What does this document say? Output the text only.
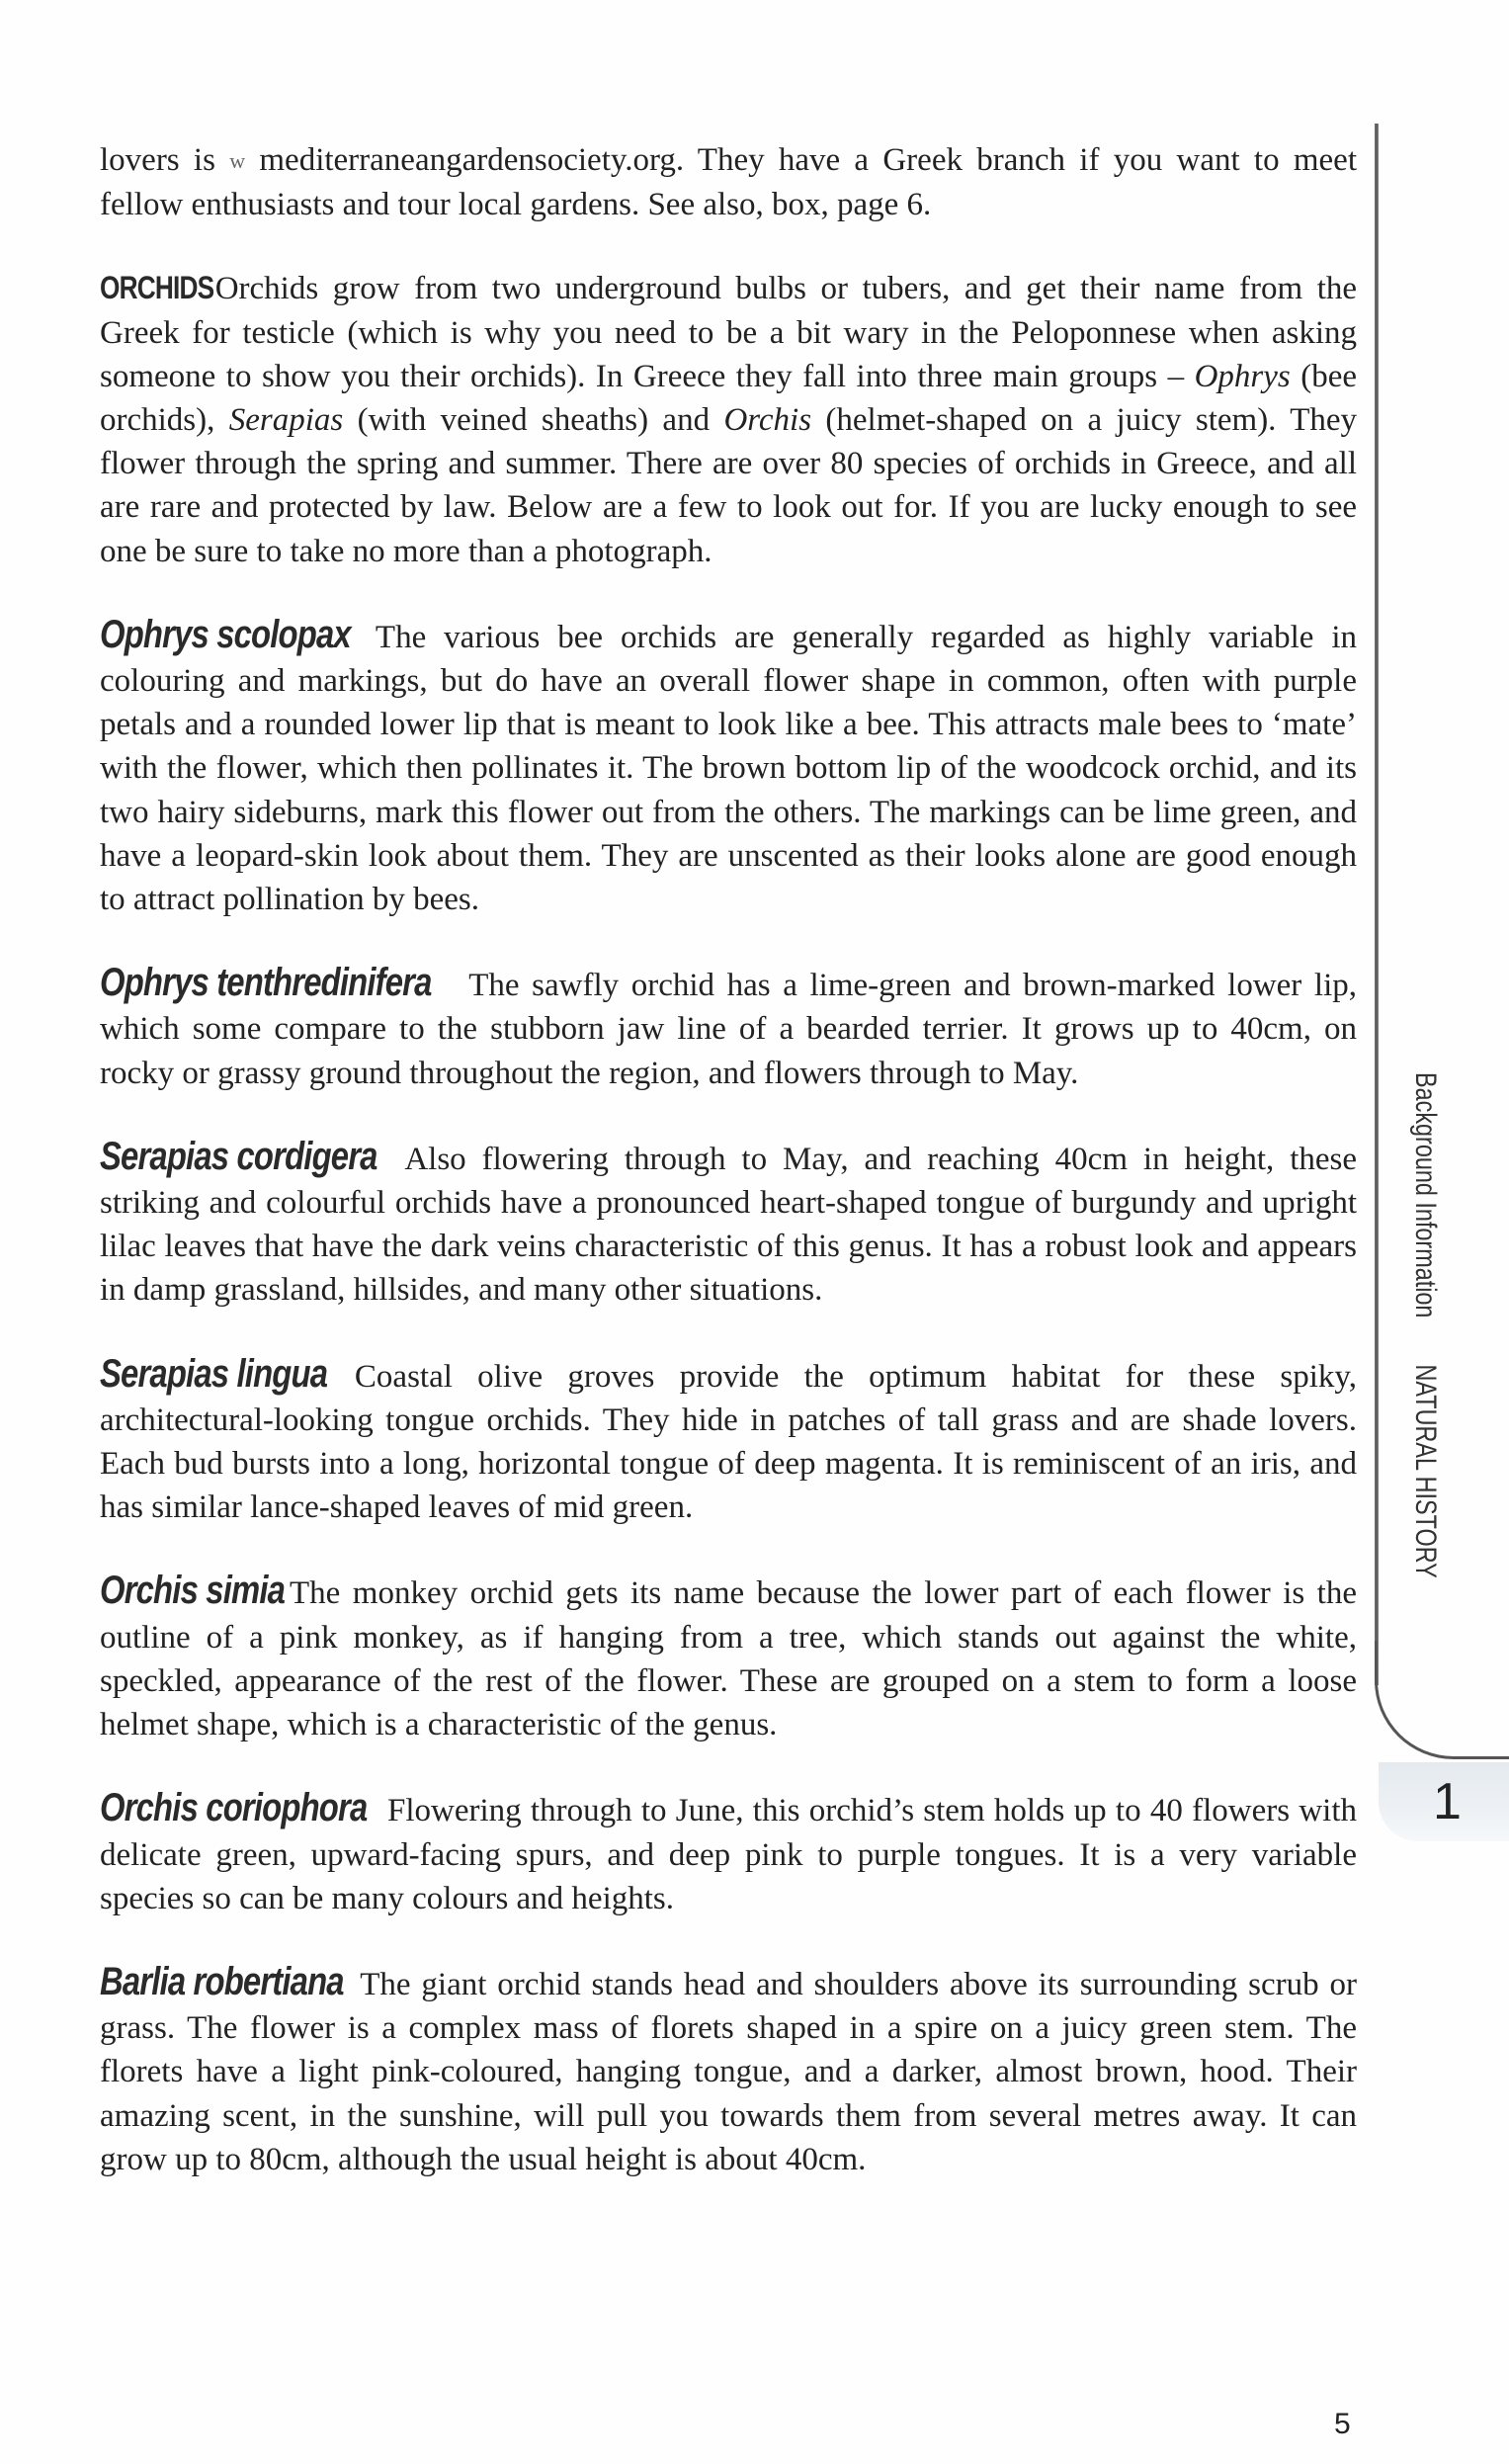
lovers is w mediterraneangardensociety.org. They have a Greek branch if you want to meet fellow enthusiasts and tour local gardens. See also, box, page 6.

ORCHIDS Orchids grow from two underground bulbs or tubers, and get their name from the Greek for testicle (which is why you need to be a bit wary in the Peloponnese when asking someone to show you their orchids). In Greece they fall into three main groups – Ophrys (bee orchids), Serapias (with veined sheaths) and Orchis (helmet-shaped on a juicy stem). They flower through the spring and summer. There are over 80 species of orchids in Greece, and all are rare and protected by law. Below are a few to look out for. If you are lucky enough to see one be sure to take no more than a photograph.

Ophrys scolopax The various bee orchids are generally regarded as highly variable in colouring and markings, but do have an overall flower shape in common, often with purple petals and a rounded lower lip that is meant to look like a bee. This attracts male bees to ‘mate’ with the flower, which then pollinates it. The brown bottom lip of the woodcock orchid, and its two hairy sideburns, mark this flower out from the others. The markings can be lime green, and have a leopard-skin look about them. They are unscented as their looks alone are good enough to attract pollination by bees.

Ophrys tenthredinifera The sawfly orchid has a lime-green and brown-marked lower lip, which some compare to the stubborn jaw line of a bearded terrier. It grows up to 40cm, on rocky or grassy ground throughout the region, and flowers through to May.

Serapias cordigera Also flowering through to May, and reaching 40cm in height, these striking and colourful orchids have a pronounced heart-shaped tongue of burgundy and upright lilac leaves that have the dark veins characteristic of this genus. It has a robust look and appears in damp grassland, hillsides, and many other situations.

Serapias lingua Coastal olive groves provide the optimum habitat for these spiky, architectural-looking tongue orchids. They hide in patches of tall grass and are shade lovers. Each bud bursts into a long, horizontal tongue of deep magenta. It is reminiscent of an iris, and has similar lance-shaped leaves of mid green.

Orchis simia The monkey orchid gets its name because the lower part of each flower is the outline of a pink monkey, as if hanging from a tree, which stands out against the white, speckled, appearance of the rest of the flower. These are grouped on a stem to form a loose helmet shape, which is a characteristic of the genus.

Orchis coriophora Flowering through to June, this orchid’s stem holds up to 40 flowers with delicate green, upward-facing spurs, and deep pink to purple tongues. It is a very variable species so can be many colours and heights.

Barlia robertiana The giant orchid stands head and shoulders above its surrounding scrub or grass. The flower is a complex mass of florets shaped in a spire on a juicy green stem. The florets have a light pink-coloured, hanging tongue, and a darker, almost brown, hood. Their amazing scent, in the sunshine, will pull you towards them from several metres away. It can grow up to 80cm, although the usual height is about 40cm.

1
Background Information NATURAL HISTORY
5
